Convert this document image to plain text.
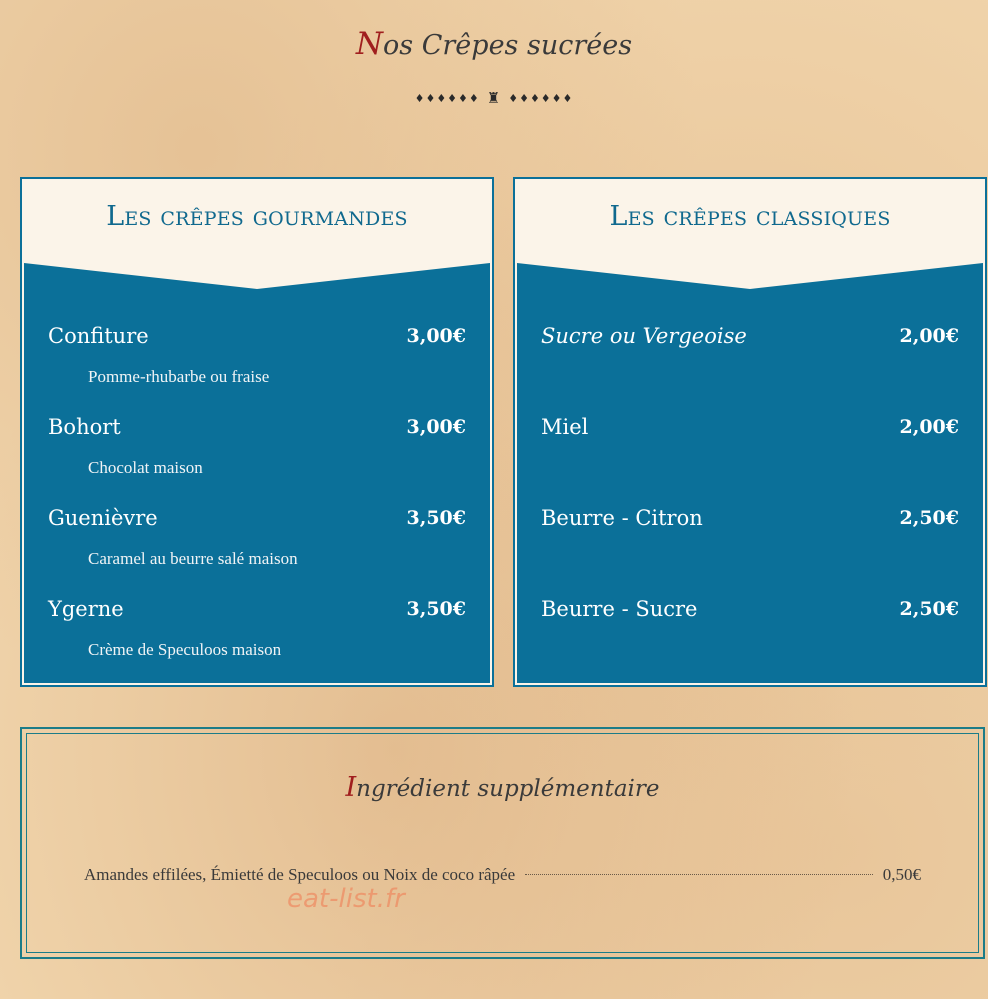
Nos Crêpes sucrées
♦♦♦♦♦♦ ♜ ♦♦♦♦♦♦
Les crêpes gourmandes
Confiture	3,00€
Pomme-rhubarbe ou fraise
Bohort	3,00€
Chocolat maison
Guenièvre	3,50€
Caramel au beurre salé maison
Ygerne	3,50€
Crème de Speculoos maison
Les crêpes classiques
Sucre ou Vergeoise	2,00€
Miel	2,00€
Beurre - Citron	2,50€
Beurre - Sucre	2,50€
Ingrédient supplémentaire
Amandes effilées, Émietté de Speculoos ou Noix de coco râpée	0,50€
eat-list.fr
